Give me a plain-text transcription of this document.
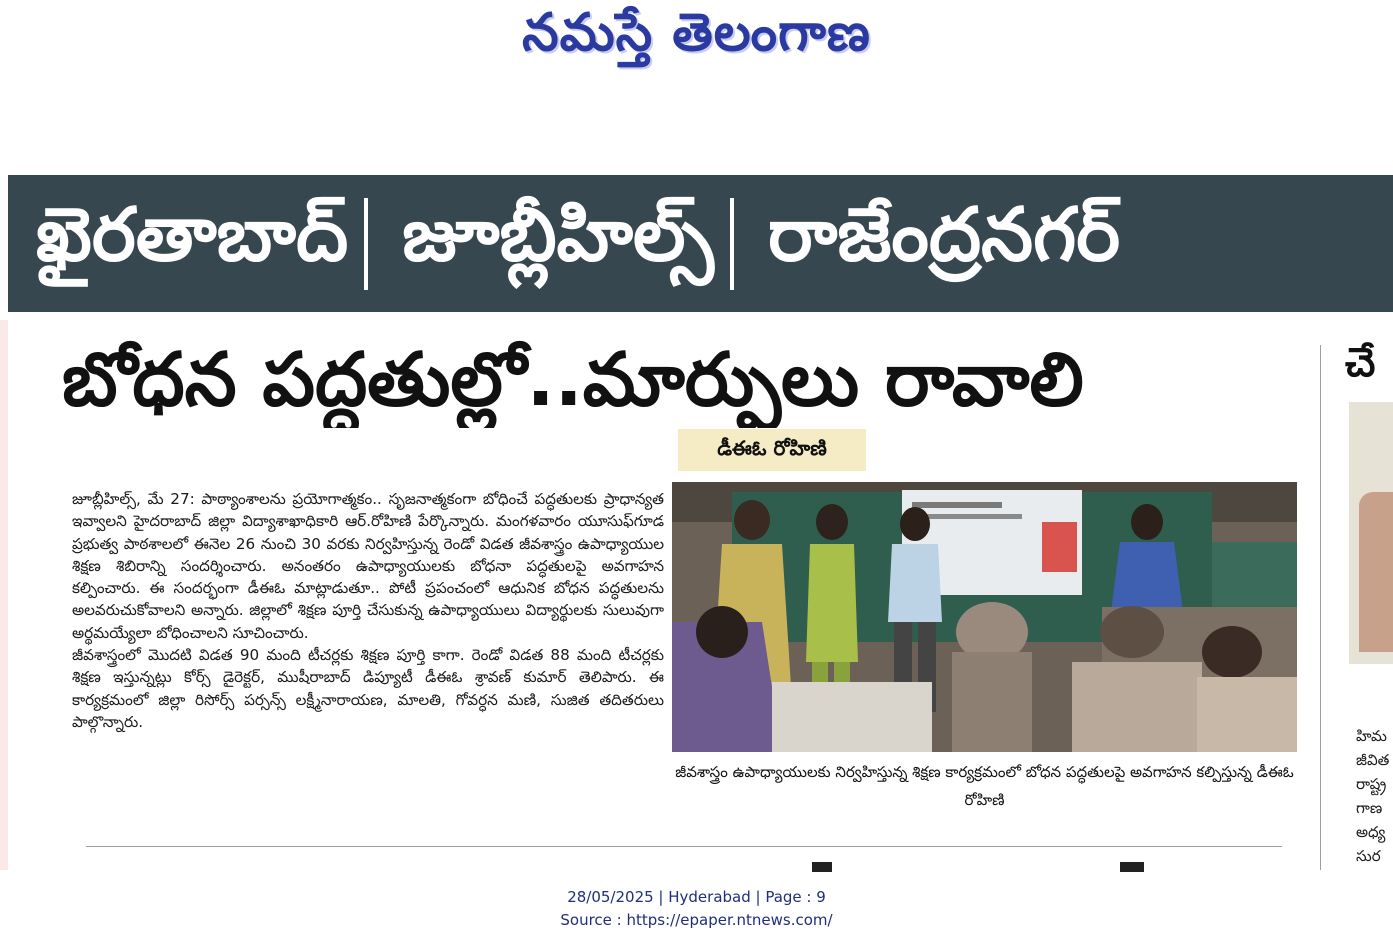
నమస్తే తెలంగాణ
ఖైరతాబాద్ జూబ్లీహిల్స్ రాజేంద్రనగర్
బోధన పద్ధతుల్లో..మార్పులు రావాలి
డీఈఓ రోహిణి

జూబ్లీహిల్స్, మే 27: పాఠ్యాంశాలను ప్రయోగాత్మకం.. సృజనాత్మకంగా బోధించే పద్ధతులకు ప్రాధాన్యత ఇవ్వాలని హైదరాబాద్ జిల్లా విద్యాశాఖాధికారి ఆర్.రోహిణి పేర్కొన్నారు. మంగళవారం యూసుఫ్‌గూడ ప్రభుత్వ పాఠశాలలో ఈనెల 26 నుంచి 30 వరకు నిర్వహిస్తున్న రెండో విడత జీవశాస్త్రం ఉపాధ్యాయుల శిక్షణ శిబిరాన్ని సందర్శించారు. అనంతరం ఉపాధ్యాయులకు బోధనా పద్ధతులపై అవగాహన కల్పించారు. ఈ సందర్భంగా డీఈఓ మాట్లాడుతూ.. పోటీ ప్రపంచంలో ఆధునిక బోధన పద్ధతులను అలవరుచుకోవాలని అన్నారు. జిల్లాలో శిక్షణ పూర్తి చేసుకున్న ఉపాధ్యాయులు విద్యార్థులకు సులువుగా అర్థమయ్యేలా బోధించాలని సూచించారు.

జీవశాస్త్రంలో మొదటి విడత 90 మంది టీచర్లకు శిక్షణ పూర్తి కాగా. రెండో విడత 88 మంది టీచర్లకు శిక్షణ ఇస్తున్నట్లు కోర్స్ డైరెక్టర్, ముషీరాబాద్ డిప్యూటీ డీఈఓ శ్రావణ్ కుమార్ తెలిపారు. ఈ కార్యక్రమంలో జిల్లా రిసోర్స్ పర్సన్స్ లక్ష్మీనారాయణ, మాలతి, గోవర్ధన మణి, సుజిత తదితరులు పాల్గొన్నారు.

జీవశాస్త్రం ఉపాధ్యాయులకు నిర్వహిస్తున్న శిక్షణ కార్యక్రమంలో బోధన పద్ధతులపై అవగాహన కల్పిస్తున్న డీఈఓ రోహిణి
చే
హిమ
జీవిత
రాష్ట్ర
గాణ
అధ్య
సుర
28/05/2025 | Hyderabad | Page : 9
Source : https://epaper.ntnews.com/
